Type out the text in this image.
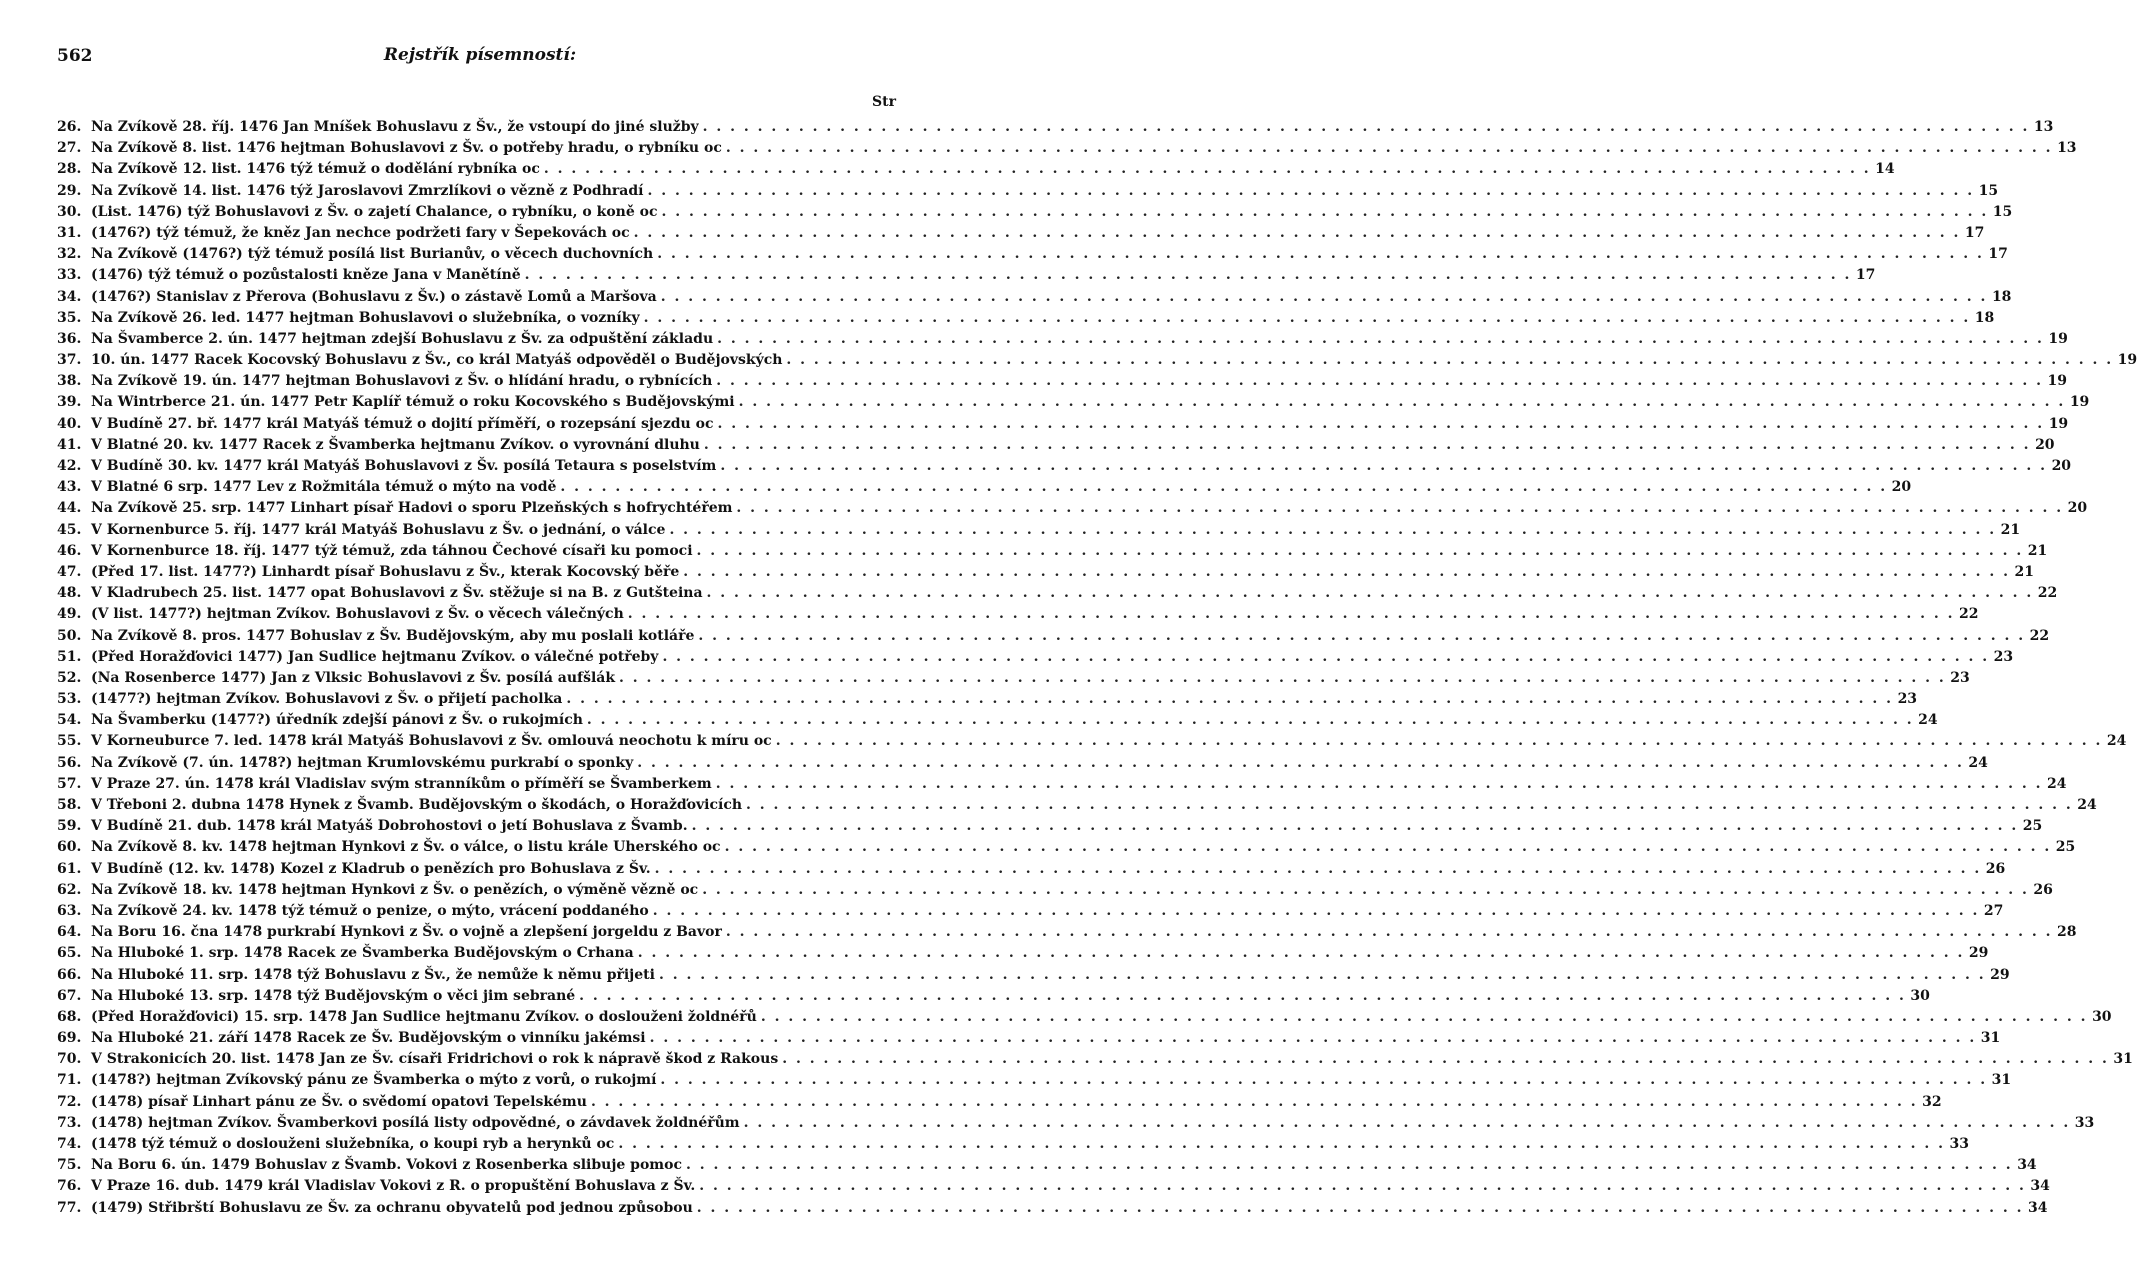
562	Rejstřík písemností:
Str
26. Na Zvíkově 28. říj. 1476 Jan Mníšek Bohuslavu z Šv., že vstoupí do jiné služby . . .	13
27. Na Zvíkově 8. list. 1476 hejtman Bohuslavovi z Šv. o potřeby hradu, o rybníku oc . . .	13
28. Na Zvíkově 12. list. 1476 týž témuž o dodělání rybníka oc . . .	14
29. Na Zvíkově 14. list. 1476 týž Jaroslavovi Zmrzlíkovi o vězně z Podhradí . . .	15
30. (List. 1476) týž Bohuslavovi z Šv. o zajetí Chalance, o rybníku, o koně oc . . .	15
31. (1476?) týž témuž, že kněz Jan nechce podržeti fary v Šepekovách oc . . .	17
32. Na Zvíkově (1476?) týž témuž posílá list Burianův, o věcech duchovních . . .	17
33. (1476) týž témuž o pozůstalosti kněze Jana v Manětíně . . .	17
34. (1476?) Stanislav z Přerova (Bohuslavu z Šv.) o zástavě Lomů a Maršova . . .	18
35. Na Zvíkově 26. led. 1477 hejtman Bohuslavovi o služebníka, o vozníky . . .	18
36. Na Švamberce 2. ún. 1477 hejtman zdejší Bohuslavu z Šv. za odpuštění základu . . .	19
37. 10. ún. 1477 Racek Kocovský Bohuslavu z Šv., co král Matyáš odpověděl o Budějovských . . .	19
38. Na Zvíkově 19. ún. 1477 hejtman Bohuslavovi z Šv. o hlídání hradu, o rybnících . . .	19
39. Na Wintrberce 21. ún. 1477 Petr Kaplíř témuž o roku Kocovského s Budějovskými . . .	19
40. V Budíně 27. bř. 1477 král Matyáš témuž o dojití příměří, o rozepsání sjezdu oc . . .	19
41. V Blatné 20. kv. 1477 Racek z Švamberka hejtmanu Zvíkov. o vyrovnání dluhu . . .	20
42. V Budíně 30. kv. 1477 král Matyáš Bohuslavovi z Šv. posílá Tetaura s poselstvím . . .	20
43. V Blatné 6 srp. 1477 Lev z Rožmitála témuž o mýto na vodě . . .	20
44. Na Zvíkově 25. srp. 1477 Linhart písař Hadovi o sporu Plzeňských s hofrychtéřem . . .	20
45. V Kornenburce 5. říj. 1477 král Matyáš Bohuslavu z Šv. o jednání, o válce . . .	21
46. V Kornenburce 18. říj. 1477 týž témuž, zda táhnou Čechové císaři ku pomoci . . .	21
47. (Před 17. list. 1477?) Linhardt písař Bohuslavu z Šv., kterak Kocovský běře . . .	21
48. V Kladrubech 25. list. 1477 opat Bohuslavovi z Šv. stěžuje si na B. z Gutšteina . . .	22
49. (V list. 1477?) hejtman Zvíkov. Bohuslavovi z Šv. o věcech válečných . . .	22
50. Na Zvíkově 8. pros. 1477 Bohuslav z Šv. Budějovským, aby mu poslali kotláře . . .	22
51. (Před Horažďovici 1477) Jan Sudlice hejtmanu Zvíkov. o válečné potřeby . . .	23
52. (Na Rosenberce 1477) Jan z Vlksic Bohuslavovi z Šv. posílá aufšlák . . .	23
53. (1477?) hejtman Zvíkov. Bohuslavovi z Šv. o přijetí pacholka . . .	23
54. Na Švamberku (1477?) úředník zdejší pánovi z Šv. o rukojmích . . .	24
55. V Korneuburce 7. led. 1478 král Matyáš Bohuslavovi z Šv. omlouvá neochotu k míru oc . . .	24
56. Na Zvíkově (7. ún. 1478?) hejtman Krumlovskému purkrabí o sponky . . .	24
57. V Praze 27. ún. 1478 král Vladislav svým stranníkům o příměří se Švamberkem . . .	24
58. V Třeboni 2. dubna 1478 Hynek z Švamb. Budějovským o škodách, o Horažďovicích . . .	24
59. V Budíně 21. dub. 1478 král Matyáš Dobrohostovi o jetí Bohuslava z Švamb. . . .	25
60. Na Zvíkově 8. kv. 1478 hejtman Hynkovi z Šv. o válce, o listu krále Uherského oc . . .	25
61. V Budíně (12. kv. 1478) Kozel z Kladrub o penězích pro Bohuslava z Šv. . . .	26
62. Na Zvíkově 18. kv. 1478 hejtman Hynkovi z Šv. o penězích, o výměně vězně oc . . .	26
63. Na Zvíkově 24. kv. 1478 týž témuž o penize, o mýto, vrácení poddaného . . .	27
64. Na Boru 16. čna 1478 purkrabí Hynkovi z Šv. o vojně a zlepšení jorgeldu z Bavor . . .	28
65. Na Hluboké 1. srp. 1478 Racek ze Švamberka Budějovským o Crhana . . .	29
66. Na Hluboké 11. srp. 1478 týž Bohuslavu z Šv., že nemůže k němu přijeti . . .	29
67. Na Hluboké 13. srp. 1478 týž Budějovským o věci jim sebrané . . .	30
68. (Před Horažďovici) 15. srp. 1478 Jan Sudlice hejtmanu Zvíkov. o doslouženi žoldnéřů . . .	30
69. Na Hluboké 21. září 1478 Racek ze Šv. Budějovským o vinníku jakémsi . . .	31
70. V Strakonicích 20. list. 1478 Jan ze Šv. císaři Fridrichovi o rok k nápravě škod z Rakous . . .	31
71. (1478?) hejtman Zvíkovský pánu ze Švamberka o mýto z vorů, o rukojmí . . .	31
72. (1478) písař Linhart pánu ze Šv. o svědomí opatovi Tepelskému . . .	32
73. (1478) hejtman Zvíkov. Švamberkovi posílá listy odpovědné, o závdavek žoldnéřům . . .	33
74. (1478 týž témuž o doslouženi služebníka, o koupi ryb a herynků oc . . .	33
75. Na Boru 6. ún. 1479 Bohuslav z Švamb. Vokovi z Rosenberka slibuje pomoc . . .	34
76. V Praze 16. dub. 1479 král Vladislav Vokovi z R. o propuštění Bohuslava z Šv. . . .	34
77. (1479) Střibrští Bohuslavu ze Šv. za ochranu obyvatelů pod jednou způsobou . . .	34
